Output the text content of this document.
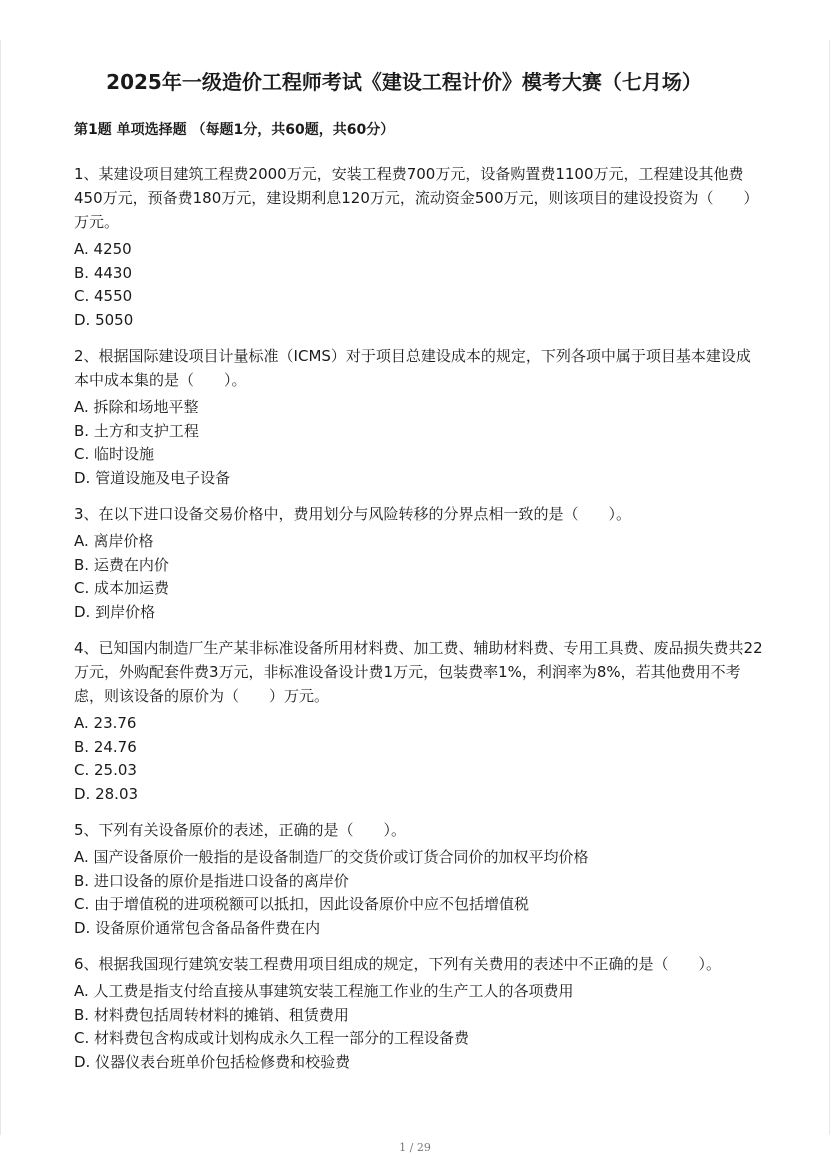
2025年一级造价工程师考试《建设工程计价》模考大赛（七月场）
第1题 单项选择题 （每题1分，共60题，共60分）

1、某建设项目建筑工程费2000万元，安装工程费700万元，设备购置费1100万元，工程建设其他费450万元，预备费180万元，建设期利息120万元，流动资金500万元，则该项目的建设投资为（　　）万元。

A. 4250

B. 4430

C. 4550

D. 5050

2、根据国际建设项目计量标准（ICMS）对于项目总建设成本的规定，下列各项中属于项目基本建设成本中成本集的是（　　）。

A. 拆除和场地平整

B. 土方和支护工程

C. 临时设施

D. 管道设施及电子设备

3、在以下进口设备交易价格中，费用划分与风险转移的分界点相一致的是（　　）。

A. 离岸价格

B. 运费在内价

C. 成本加运费

D. 到岸价格

4、已知国内制造厂生产某非标准设备所用材料费、加工费、辅助材料费、专用工具费、废品损失费共22万元，外购配套件费3万元，非标准设备设计费1万元，包装费率1%，利润率为8%，若其他费用不考虑，则该设备的原价为（　　）万元。

A. 23.76

B. 24.76

C. 25.03

D. 28.03

5、下列有关设备原价的表述，正确的是（　　）。

A. 国产设备原价一般指的是设备制造厂的交货价或订货合同价的加权平均价格

B. 进口设备的原价是指进口设备的离岸价

C. 由于增值税的进项税额可以抵扣，因此设备原价中应不包括增值税

D. 设备原价通常包含备品备件费在内

6、根据我国现行建筑安装工程费用项目组成的规定，下列有关费用的表述中不正确的是（　　）。

A. 人工费是指支付给直接从事建筑安装工程施工作业的生产工人的各项费用

B. 材料费包括周转材料的摊销、租赁费用

C. 材料费包含构成或计划构成永久工程一部分的工程设备费

D. 仪器仪表台班单价包括检修费和校验费

1 / 29
